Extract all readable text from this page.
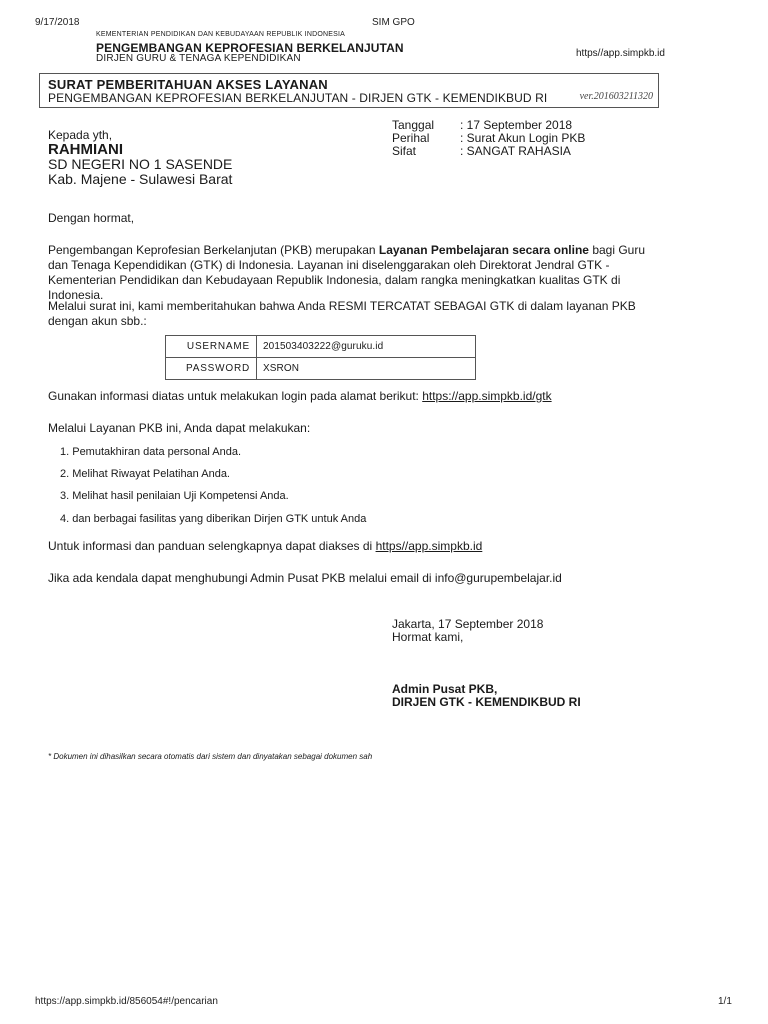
9/17/2018	SIM GPO
KEMENTERIAN PENDIDIKAN DAN KEBUDAYAAN REPUBLIK INDONESIA
PENGEMBANGAN KEPROFESIAN BERKELANJUTAN
DIRJEN GURU & TENAGA KEPENDIDIKAN	https//app.simpkb.id
SURAT PEMBERITAHUAN AKSES LAYANAN
PENGEMBANGAN KEPROFESIAN BERKELANJUTAN - DIRJEN GTK - KEMENDIKBUD RI	ver.201603211320
Kepada yth,
RAHMIANI
SD NEGERI NO 1 SASENDE
Kab. Majene - Sulawesi Barat
Tanggal : 17 September 2018
Perihal	: Surat Akun Login PKB
Sifat	: SANGAT RAHASIA
Dengan hormat,
Pengembangan Keprofesian Berkelanjutan (PKB) merupakan Layanan Pembelajaran secara online bagi Guru dan Tenaga Kependidikan (GTK) di Indonesia. Layanan ini diselenggarakan oleh Direktorat Jendral GTK - Kementerian Pendidikan dan Kebudayaan Republik Indonesia, dalam rangka meningkatkan kualitas GTK di Indonesia.
Melalui surat ini, kami memberitahukan bahwa Anda RESMI TERCATAT SEBAGAI GTK di dalam layanan PKB dengan akun sbb.:
USERNAME	201503403222@guruku.id
PASSWORD	XSRON
Gunakan informasi diatas untuk melakukan login pada alamat berikut: https://app.simpkb.id/gtk
Melalui Layanan PKB ini, Anda dapat melakukan:
1. Pemutakhiran data personal Anda.
2. Melihat Riwayat Pelatihan Anda.
3. Melihat hasil penilaian Uji Kompetensi Anda.
4. dan berbagai fasilitas yang diberikan Dirjen GTK untuk Anda
Untuk informasi dan panduan selengkapnya dapat diakses di https//app.simpkb.id
Jika ada kendala dapat menghubungi Admin Pusat PKB melalui email di info@gurupembelajar.id
Jakarta, 17 September 2018
Hormat kami,
Admin Pusat PKB,
DIRJEN GTK - KEMENDIKBUD RI
* Dokumen ini dihasilkan secara otomatis dari sistem dan dinyatakan sebagai dokumen sah
https://app.simpkb.id/856054#!/pencarian	1/1
